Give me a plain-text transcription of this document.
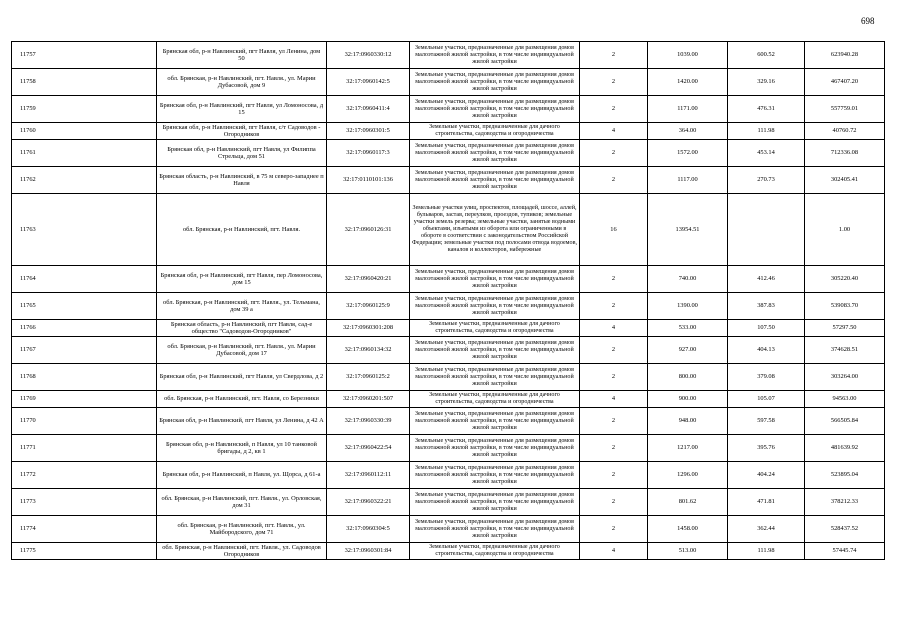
698
11757	Брянская обл, р-н Навлинский, пгт Навля, ул Ленина, дом 50	32:17:0960330:12	Земельные участки, предназначенные для размещения домов малоэтажной жилой застройки, в том числе индивидуальной жилой застройки	2	1039.00	600.52	623940.28
11758	обл. Брянская, р-н Навлинский, пгт. Навля., ул. Марии Дубасовой, дом 9	32:17:0960142:5	Земельные участки, предназначенные для размещения домов малоэтажной жилой застройки, в том числе индивидуальной жилой застройки	2	1420.00	329.16	467407.20
11759	Брянская обл, р-н Навлинский, пгт Навля, ул Ломоносова, д 15	32:17:0960411:4	Земельные участки, предназначенные для размещения домов малоэтажной жилой застройки, в том числе индивидуальной жилой застройки	2	1171.00	476.31	557759.01
11760	Брянская обл, р-н Навлинский, пгт Навля, с/т Садоводов - Огородников	32:17:0960301:5	Земельные участки, предназначенные для дачного строительства, садоводства и огородничества	4	364.00	111.98	40760.72
11761	Брянская обл, р-н Навлинский, пгт Навля, ул Филиппа Стрельца, дом 51	32:17:0960117:3	Земельные участки, предназначенные для размещения домов малоэтажной жилой застройки, в том числе индивидуальной жилой застройки	2	1572.00	453.14	712336.08
11762	Брянская область, р-н Навлинский, в 75 м северо-западнее п Навля	32:17:0110101:136	Земельные участки, предназначенные для размещения домов малоэтажной жилой застройки, в том числе индивидуальной жилой застройки	2	1117.00	270.73	302405.41
11763	обл. Брянская, р-н Навлинский, пгт. Навля.	32:17:0960126:31	Земельные участки улиц, проспектов, площадей, шоссе, аллей, бульваров, застав, переулков, проездов, тупиков; земельные участки земель резерва; земельные участки, занятые водными объектами, изъятыми из оборота или ограниченными в обороте в соответствии с законодательством Российской Федерации; земельные участки под полосами отвода водоемов, каналов и коллекторов, набережные	16	13954.51		1.00
11764	Брянская обл, р-н Навлинский, пгт Навля, пер Ломоносова, дом 15	32:17:0960420:21	Земельные участки, предназначенные для размещения домов малоэтажной жилой застройки, в том числе индивидуальной жилой застройки	2	740.00	412.46	305220.40
11765	обл. Брянская, р-н Навлинский, пгт. Навля., ул. Тельмана, дом 39 а	32:17:0960125:9	Земельные участки, предназначенные для размещения домов малоэтажной жилой застройки, в том числе индивидуальной жилой застройки	2	1390.00	387.83	539083.70
11766	Брянская область, р-н Навлинский, пгт Навля, сад-е общество "Садоводов-Огородников"	32:17:0960301:208	Земельные участки, предназначенные для дачного строительства, садоводства и огородничества	4	533.00	107.50	57297.50
11767	обл. Брянская, р-н Навлинский, пгт. Навля., ул. Марии Дубасовой, дом 17	32:17:0960134:32	Земельные участки, предназначенные для размещения домов малоэтажной жилой застройки, в том числе индивидуальной жилой застройки	2	927.00	404.13	374628.51
11768	Брянская обл, р-н Навлинский, пгт Навля, ул Свердлова, д 2	32:17:0960125:2	Земельные участки, предназначенные для размещения домов малоэтажной жилой застройки, в том числе индивидуальной жилой застройки	2	800.00	379.08	303264.00
11769	обл. Брянская, р-н Навлинский, пгт. Навля, со Березники	32:17:0960201:507	Земельные участки, предназначенные для дачного строительства, садоводства и огородничества	4	900.00	105.07	94563.00
11770	Брянская обл, р-н Навлинский, пгт Навля, ул Ленина, д 42 А	32:17:0960330:39	Земельные участки, предназначенные для размещения домов малоэтажной жилой застройки, в том числе индивидуальной жилой застройки	2	948.00	597.58	566505.84
11771	Брянская обл, р-н Навлинский, п Навля, ул 10 танковой бригады, д 2, кв 1	32:17:0960422:54	Земельные участки, предназначенные для размещения домов малоэтажной жилой застройки, в том числе индивидуальной жилой застройки	2	1217.00	395.76	481639.92
11772	Брянская обл, р-н Навлинский, п Навля, ул. Щорса, д 61-а	32:17:0960112:11	Земельные участки, предназначенные для размещения домов малоэтажной жилой застройки, в том числе индивидуальной жилой застройки	2	1296.00	404.24	523895.04
11773	обл. Брянская, р-н Навлинский, пгт. Навля., ул. Орловская, дом 31	32:17:0960322:21	Земельные участки, предназначенные для размещения домов малоэтажной жилой застройки, в том числе индивидуальной жилой застройки	2	801.62	471.81	378212.33
11774	обл. Брянская, р-н Навлинский, пгт. Навля., ул. Майбородского, дом 71	32:17:0960304:5	Земельные участки, предназначенные для размещения домов малоэтажной жилой застройки, в том числе индивидуальной жилой застройки	2	1458.00	362.44	528437.52
11775	обл. Брянская, р-н Навлинский, пгт. Навля., ул. Садоводов Огородников	32:17:0960301:84	Земельные участки, предназначенные для дачного строительства, садоводства и огородничества	4	513.00	111.98	57445.74
